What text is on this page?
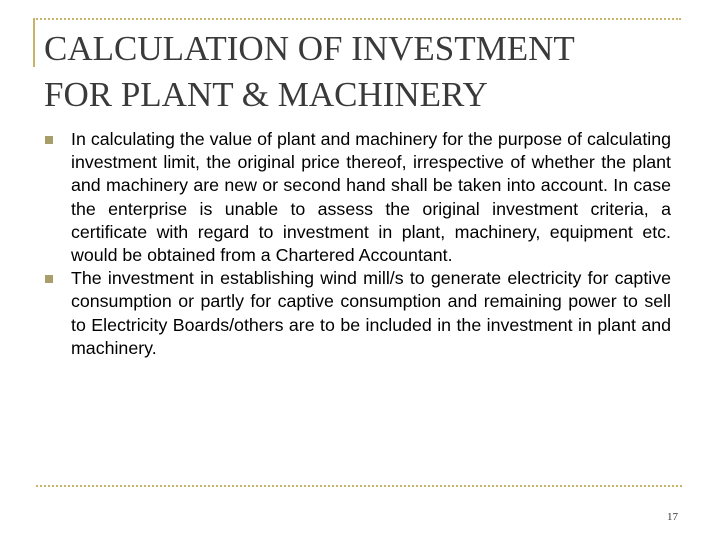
CALCULATION OF INVESTMENT
FOR PLANT & MACHINERY
In calculating the value of plant and machinery for the purpose of calculating investment limit, the original price thereof, irrespective of whether the plant and machinery are new or second hand shall be taken into account. In case the enterprise is unable to assess the original investment criteria, a certificate with regard to investment in plant, machinery, equipment etc. would be obtained from a Chartered Accountant.
The investment in establishing wind mill/s to generate electricity for captive consumption or partly for captive consumption and remaining power to sell to Electricity Boards/others are to be included in the investment in plant and machinery.
17
